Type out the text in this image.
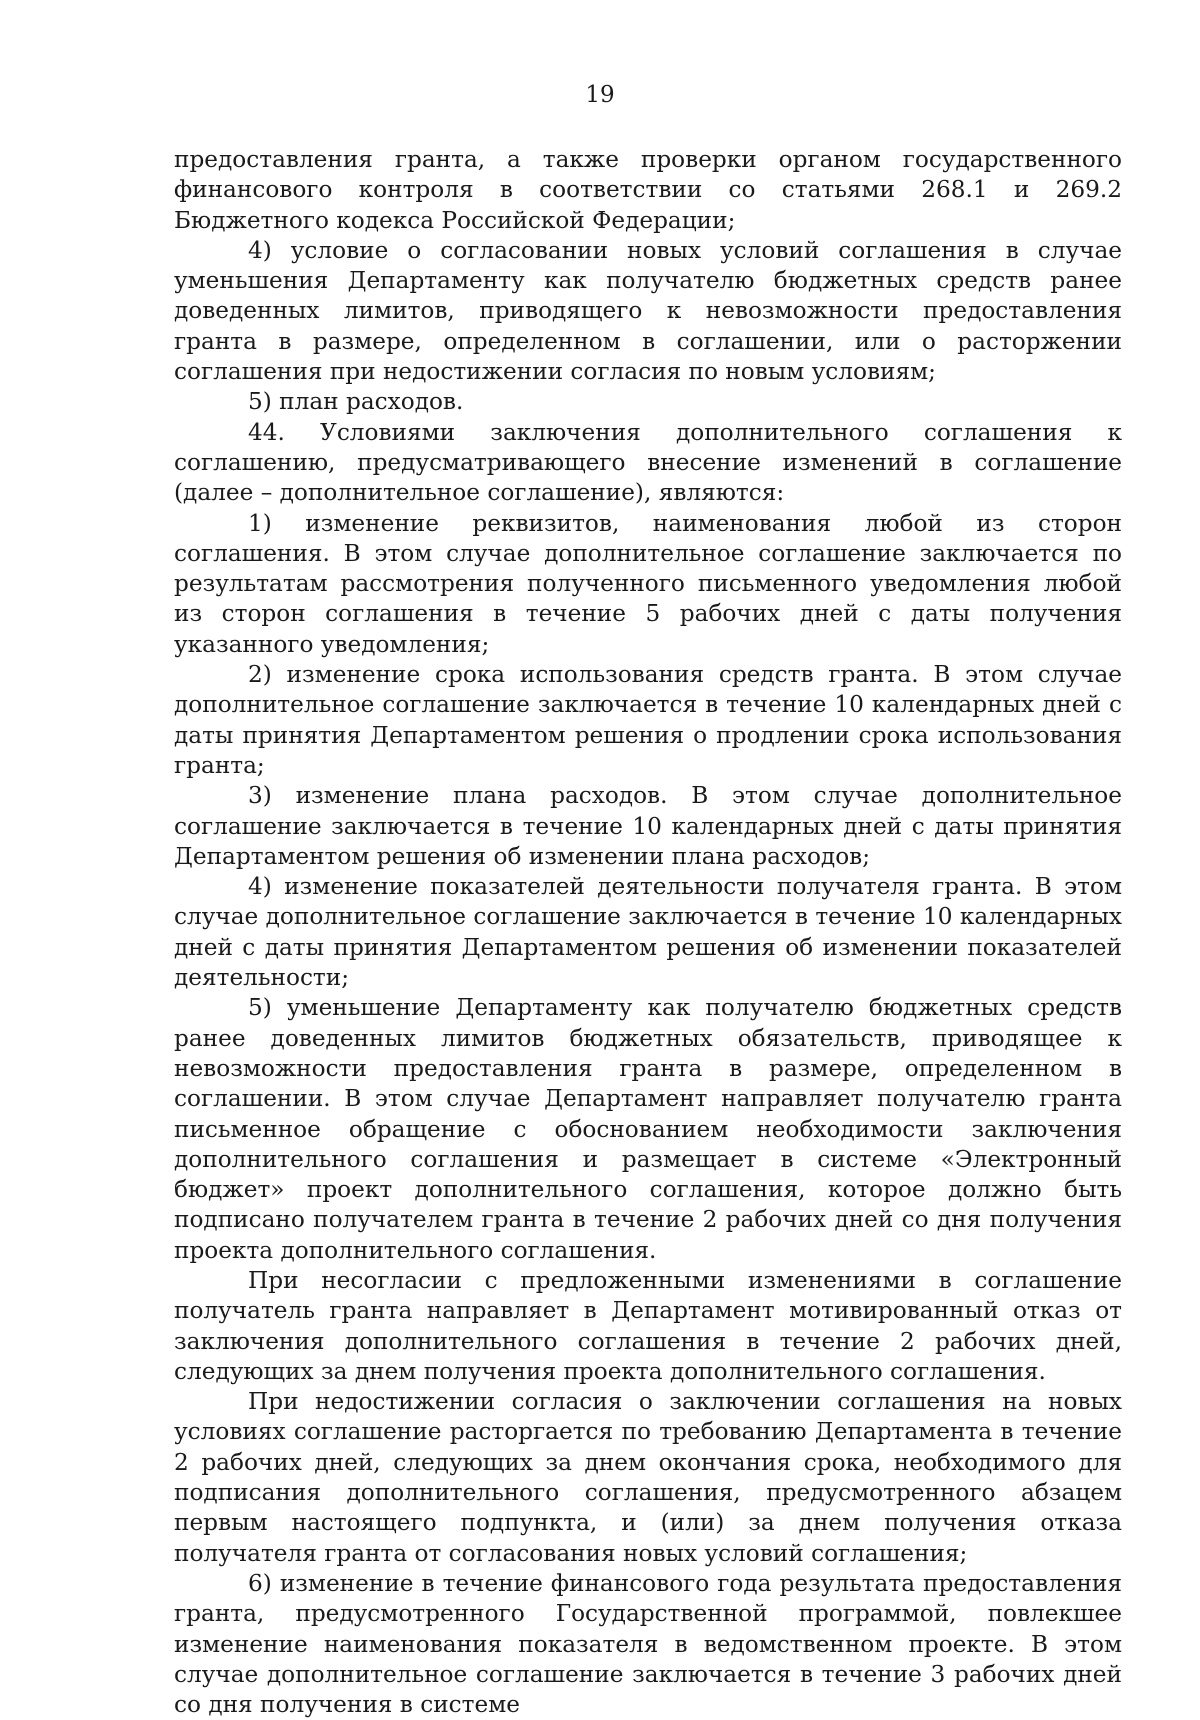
19

предоставления гранта, а также проверки органом государственного финансового контроля в соответствии со статьями 268.1 и 269.2 Бюджетного кодекса Российской Федерации;

4) условие о согласовании новых условий соглашения в случае уменьшения Департаменту как получателю бюджетных средств ранее доведенных лимитов, приводящего к невозможности предоставления гранта в размере, определенном в соглашении, или о расторжении соглашения при недостижении согласия по новым условиям;

5) план расходов.

44. Условиями заключения дополнительного соглашения к соглашению, предусматривающего внесение изменений в соглашение (далее – дополнительное соглашение), являются:

1) изменение реквизитов, наименования любой из сторон соглашения. В этом случае дополнительное соглашение заключается по результатам рассмотрения полученного письменного уведомления любой из сторон соглашения в течение 5 рабочих дней с даты получения указанного уведомления;

2) изменение срока использования средств гранта. В этом случае дополнительное соглашение заключается в течение 10 календарных дней с даты принятия Департаментом решения о продлении срока использования гранта;

3) изменение плана расходов. В этом случае дополнительное соглашение заключается в течение 10 календарных дней с даты принятия Департаментом решения об изменении плана расходов;

4) изменение показателей деятельности получателя гранта. В этом случае дополнительное соглашение заключается в течение 10 календарных дней с даты принятия Департаментом решения об изменении показателей деятельности;

5) уменьшение Департаменту как получателю бюджетных средств ранее доведенных лимитов бюджетных обязательств, приводящее к невозможности предоставления гранта в размере, определенном в соглашении. В этом случае Департамент направляет получателю гранта письменное обращение с обоснованием необходимости заключения дополнительного соглашения и размещает в системе «Электронный бюджет» проект дополнительного соглашения, которое должно быть подписано получателем гранта в течение 2 рабочих дней со дня получения проекта дополнительного соглашения.

При несогласии с предложенными изменениями в соглашение получатель гранта направляет в Департамент мотивированный отказ от заключения дополнительного соглашения в течение 2 рабочих дней, следующих за днем получения проекта дополнительного соглашения.

При недостижении согласия о заключении соглашения на новых условиях соглашение расторгается по требованию Департамента в течение 2 рабочих дней, следующих за днем окончания срока, необходимого для подписания дополнительного соглашения, предусмотренного абзацем первым настоящего подпункта, и (или) за днем получения отказа получателя гранта от согласования новых условий соглашения;

6) изменение в течение финансового года результата предоставления гранта, предусмотренного Государственной программой, повлекшее изменение наименования показателя в ведомственном проекте. В этом случае дополнительное соглашение заключается в течение 3 рабочих дней со дня получения в системе
